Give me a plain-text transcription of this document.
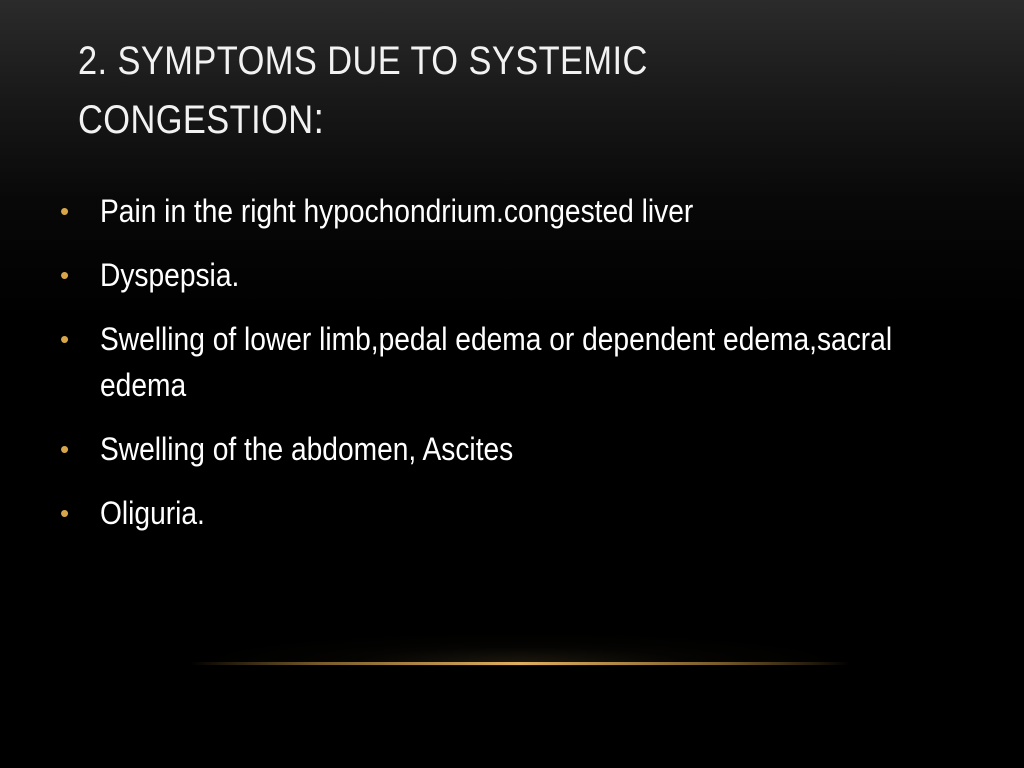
2. SYMPTOMS DUE TO SYSTEMIC CONGESTION:
• Pain in the right hypochondrium.congested liver
• Dyspepsia.
• Swelling of lower limb,pedal edema or dependent edema,sacral edema
• Swelling of the abdomen, Ascites
• Oliguria.
